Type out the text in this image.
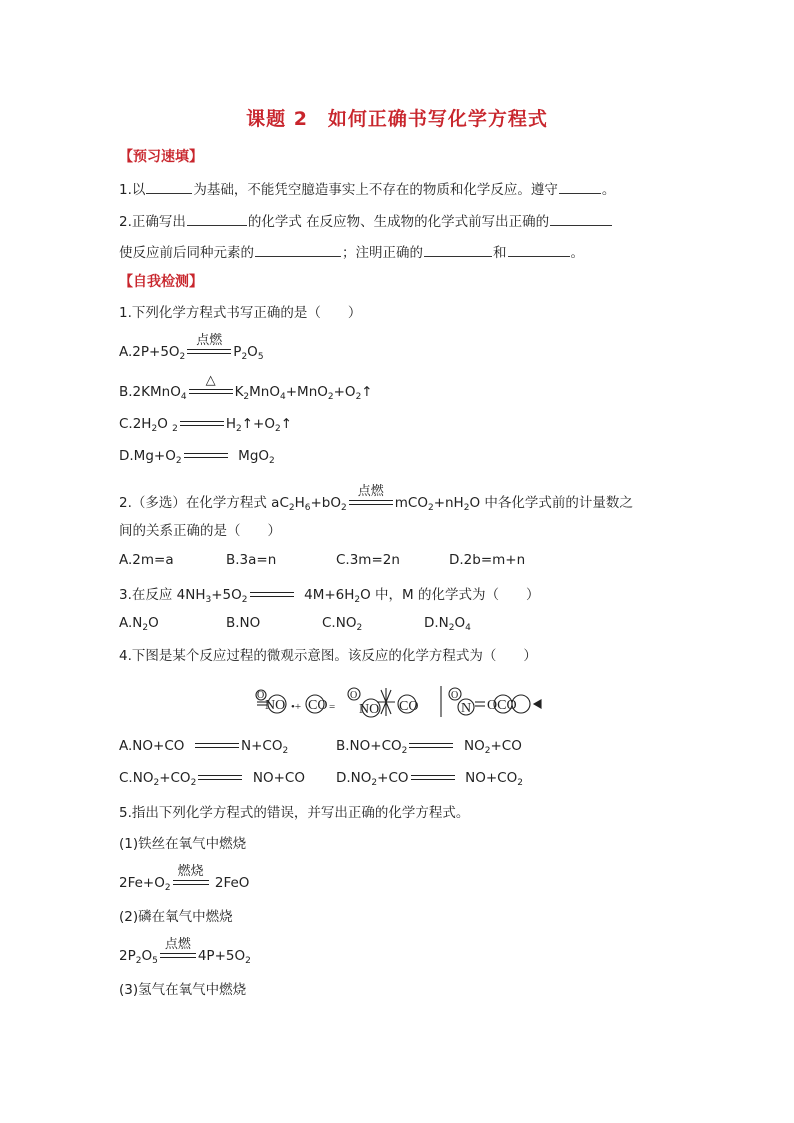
课题 2　如何正确书写化学方程式
【预习速填】
1.以	为基础，不能凭空臆造事实上不存在的物质和化学反应。遵守	。
2.正确写出	的化学式 在反应物、生成物的化学式前写出正确的
使反应前后同种元素的	；注明正确的	和	。
【自我检测】
1.下列化学方程式书写正确的是（　　）
$A.2P+5O_2$
点燃
$P_2O_5$
B.2KMnO$_4$
△
$K_2MnO_4+MnO_2+O_2↑$
$C.2H_2O$ $_2$	$H_2↑+O_2↑$
$D.Mg+O_2$	MgO$_2$
2.（多选）在化学方程式 $aC_2H_6+bO_2$
点燃
$mCO_2+nH_2O$ 中各化学式前的计量数之
间的关系正确的是（　　）
A.2m=a	B.3a=n	C.3m=2n	D.2b=m+n
3.在反应 $4NH_3+5O_2$	$4M+6H_2O$ 中，M 的化学式为（　　）
$A.N_2O$	B.NO	$C.NO_2$	$D.N_2O_4$
4.下图是某个反应过程的微观示意图。该反应的化学方程式为（　　）
O
NO •+ CO =
O
NO CO
O
N OCO
A.NO+CO	$N+CO_2$	$B.NO+CO_2$	$NO_2+CO$
$C.NO_2+CO_2$	NO+CO $D.NO_2+CO$	$NO+CO_2$
5.指出下列化学方程式的错误，并写出正确的化学方程式。
(1)铁丝在氧气中燃烧
$2Fe+O_2$
燃烧
2FeO
(2)磷在氧气中燃烧
$2P_2O_5$
点燃
$4P+5O_2$
(3)氢气在氧气中燃烧
